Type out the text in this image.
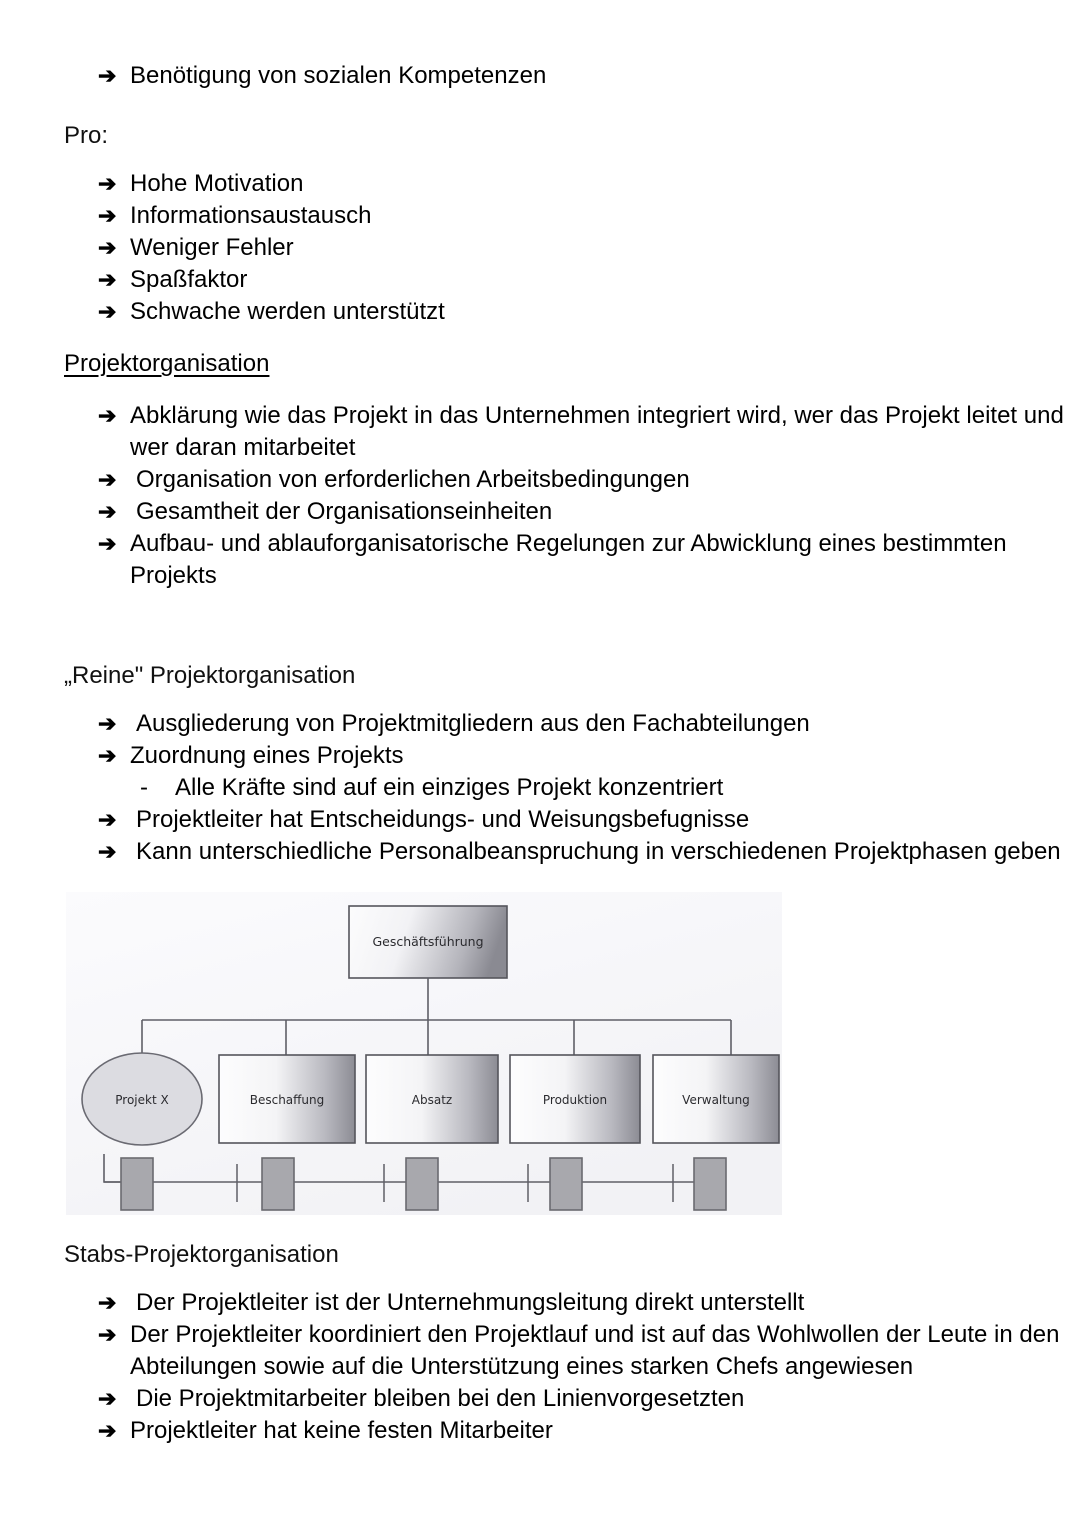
➔ Benötigung von sozialen Kompetenzen

Pro:

➔ Hohe Motivation
➔ Informationsaustausch
➔ Weniger Fehler
➔ Spaßfaktor
➔ Schwache werden unterstützt

Projektorganisation

➔ Abklärung wie das Projekt in das Unternehmen integriert wird, wer das Projekt leitet und wer daran mitarbeitet
➔ Organisation von erforderlichen Arbeitsbedingungen
➔ Gesamtheit der Organisationseinheiten
➔ Aufbau- und ablauforganisatorische Regelungen zur Abwicklung eines bestimmten Projekts

„Reine" Projektorganisation

➔ Ausgliederung von Projektmitgliedern aus den Fachabteilungen
➔ Zuordnung eines Projekts
- Alle Kräfte sind auf ein einziges Projekt konzentriert
➔ Projektleiter hat Entscheidungs- und Weisungsbefugnisse
➔ Kann unterschiedliche Personalbeanspruchung in verschiedenen Projektphasen geben
Geschäftsführung
Projekt X	Beschaffung	Absatz	Produktion	Verwaltung

Stabs-Projektorganisation

➔ Der Projektleiter ist der Unternehmungsleitung direkt unterstellt
➔ Der Projektleiter koordiniert den Projektlauf und ist auf das Wohlwollen der Leute in den Abteilungen sowie auf die Unterstützung eines starken Chefs angewiesen
➔ Die Projektmitarbeiter bleiben bei den Linienvorgesetzten
➔ Projektleiter hat keine festen Mitarbeiter
